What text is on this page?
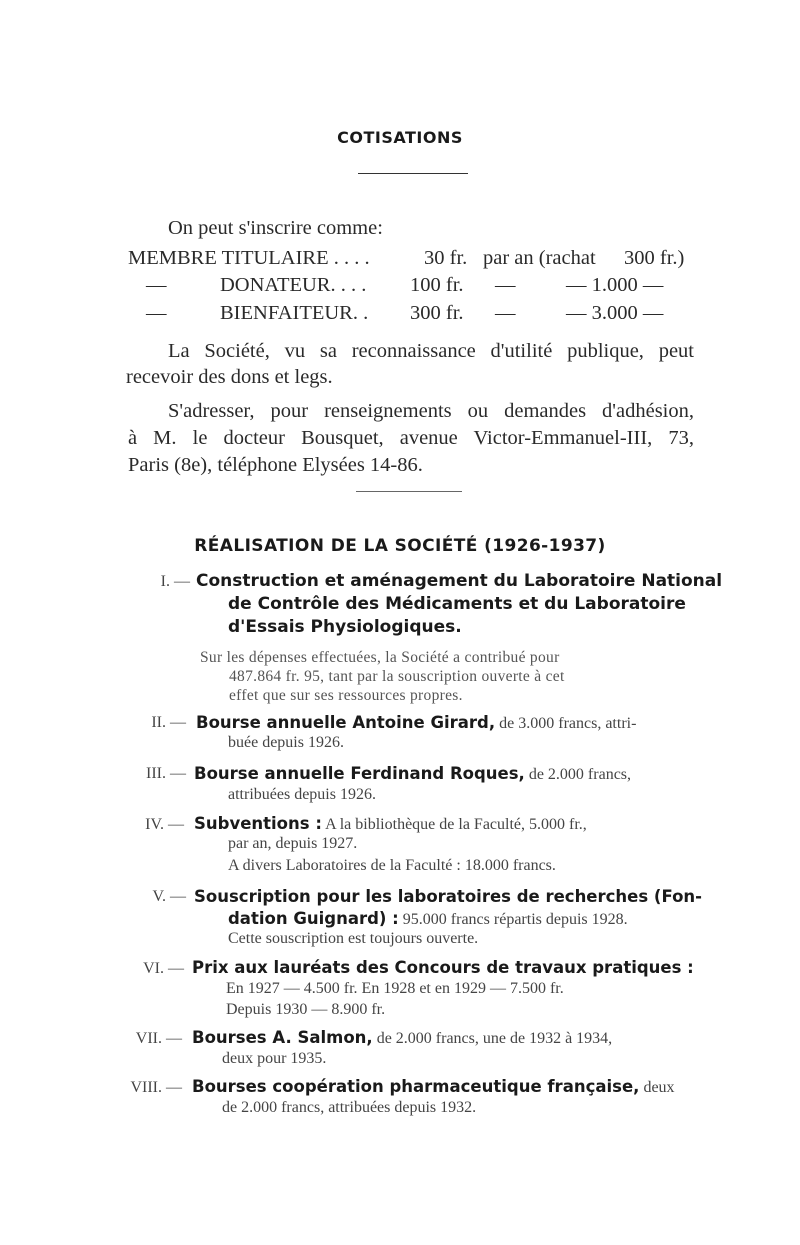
COTISATIONS
On peut s'inscrire comme:
MEMBRE TITULAIRE . . . .	30 fr. par an (rachat 300 fr.)
—	DONATEUR. . . . 100 fr. — — 1.000 —
—	BIENFAITEUR. . 300 fr. — — 3.000 —
La Société, vu sa reconnaissance d'utilité publique, peut
recevoir des dons et legs.
S'adresser, pour renseignements ou demandes d'adhésion,
à M. le docteur Bousquet, avenue Victor-Emmanuel-III, 73,
Paris (8e), téléphone Elysées 14-86.
RÉALISATION DE LA SOCIÉTÉ (1926-1937)
I. — Construction et aménagement du Laboratoire National
de Contrôle des Médicaments et du Laboratoire
d'Essais Physiologiques.
Sur les dépenses effectuées, la Société a contribué pour
487.864 fr. 95, tant par la souscription ouverte à cet
effet que sur ses ressources propres.
II. — Bourse annuelle Antoine Girard, de 3.000 francs, attri-
buée depuis 1926.
III. — Bourse annuelle Ferdinand Roques, de 2.000 francs,
attribuées depuis 1926.
IV. — Subventions : A la bibliothèque de la Faculté, 5.000 fr.,
par an, depuis 1927.
A divers Laboratoires de la Faculté : 18.000 francs.
V. — Souscription pour les laboratoires de recherches (Fon-
dation Guignard) : 95.000 francs répartis depuis 1928.
Cette souscription est toujours ouverte.
VI. — Prix aux lauréats des Concours de travaux pratiques :
En 1927 — 4.500 fr. En 1928 et en 1929 — 7.500 fr.
Depuis 1930 — 8.900 fr.
VII. — Bourses A. Salmon, de 2.000 francs, une de 1932 à 1934,
deux pour 1935.
VIII. — Bourses coopération pharmaceutique française, deux
de 2.000 francs, attribuées depuis 1932.
